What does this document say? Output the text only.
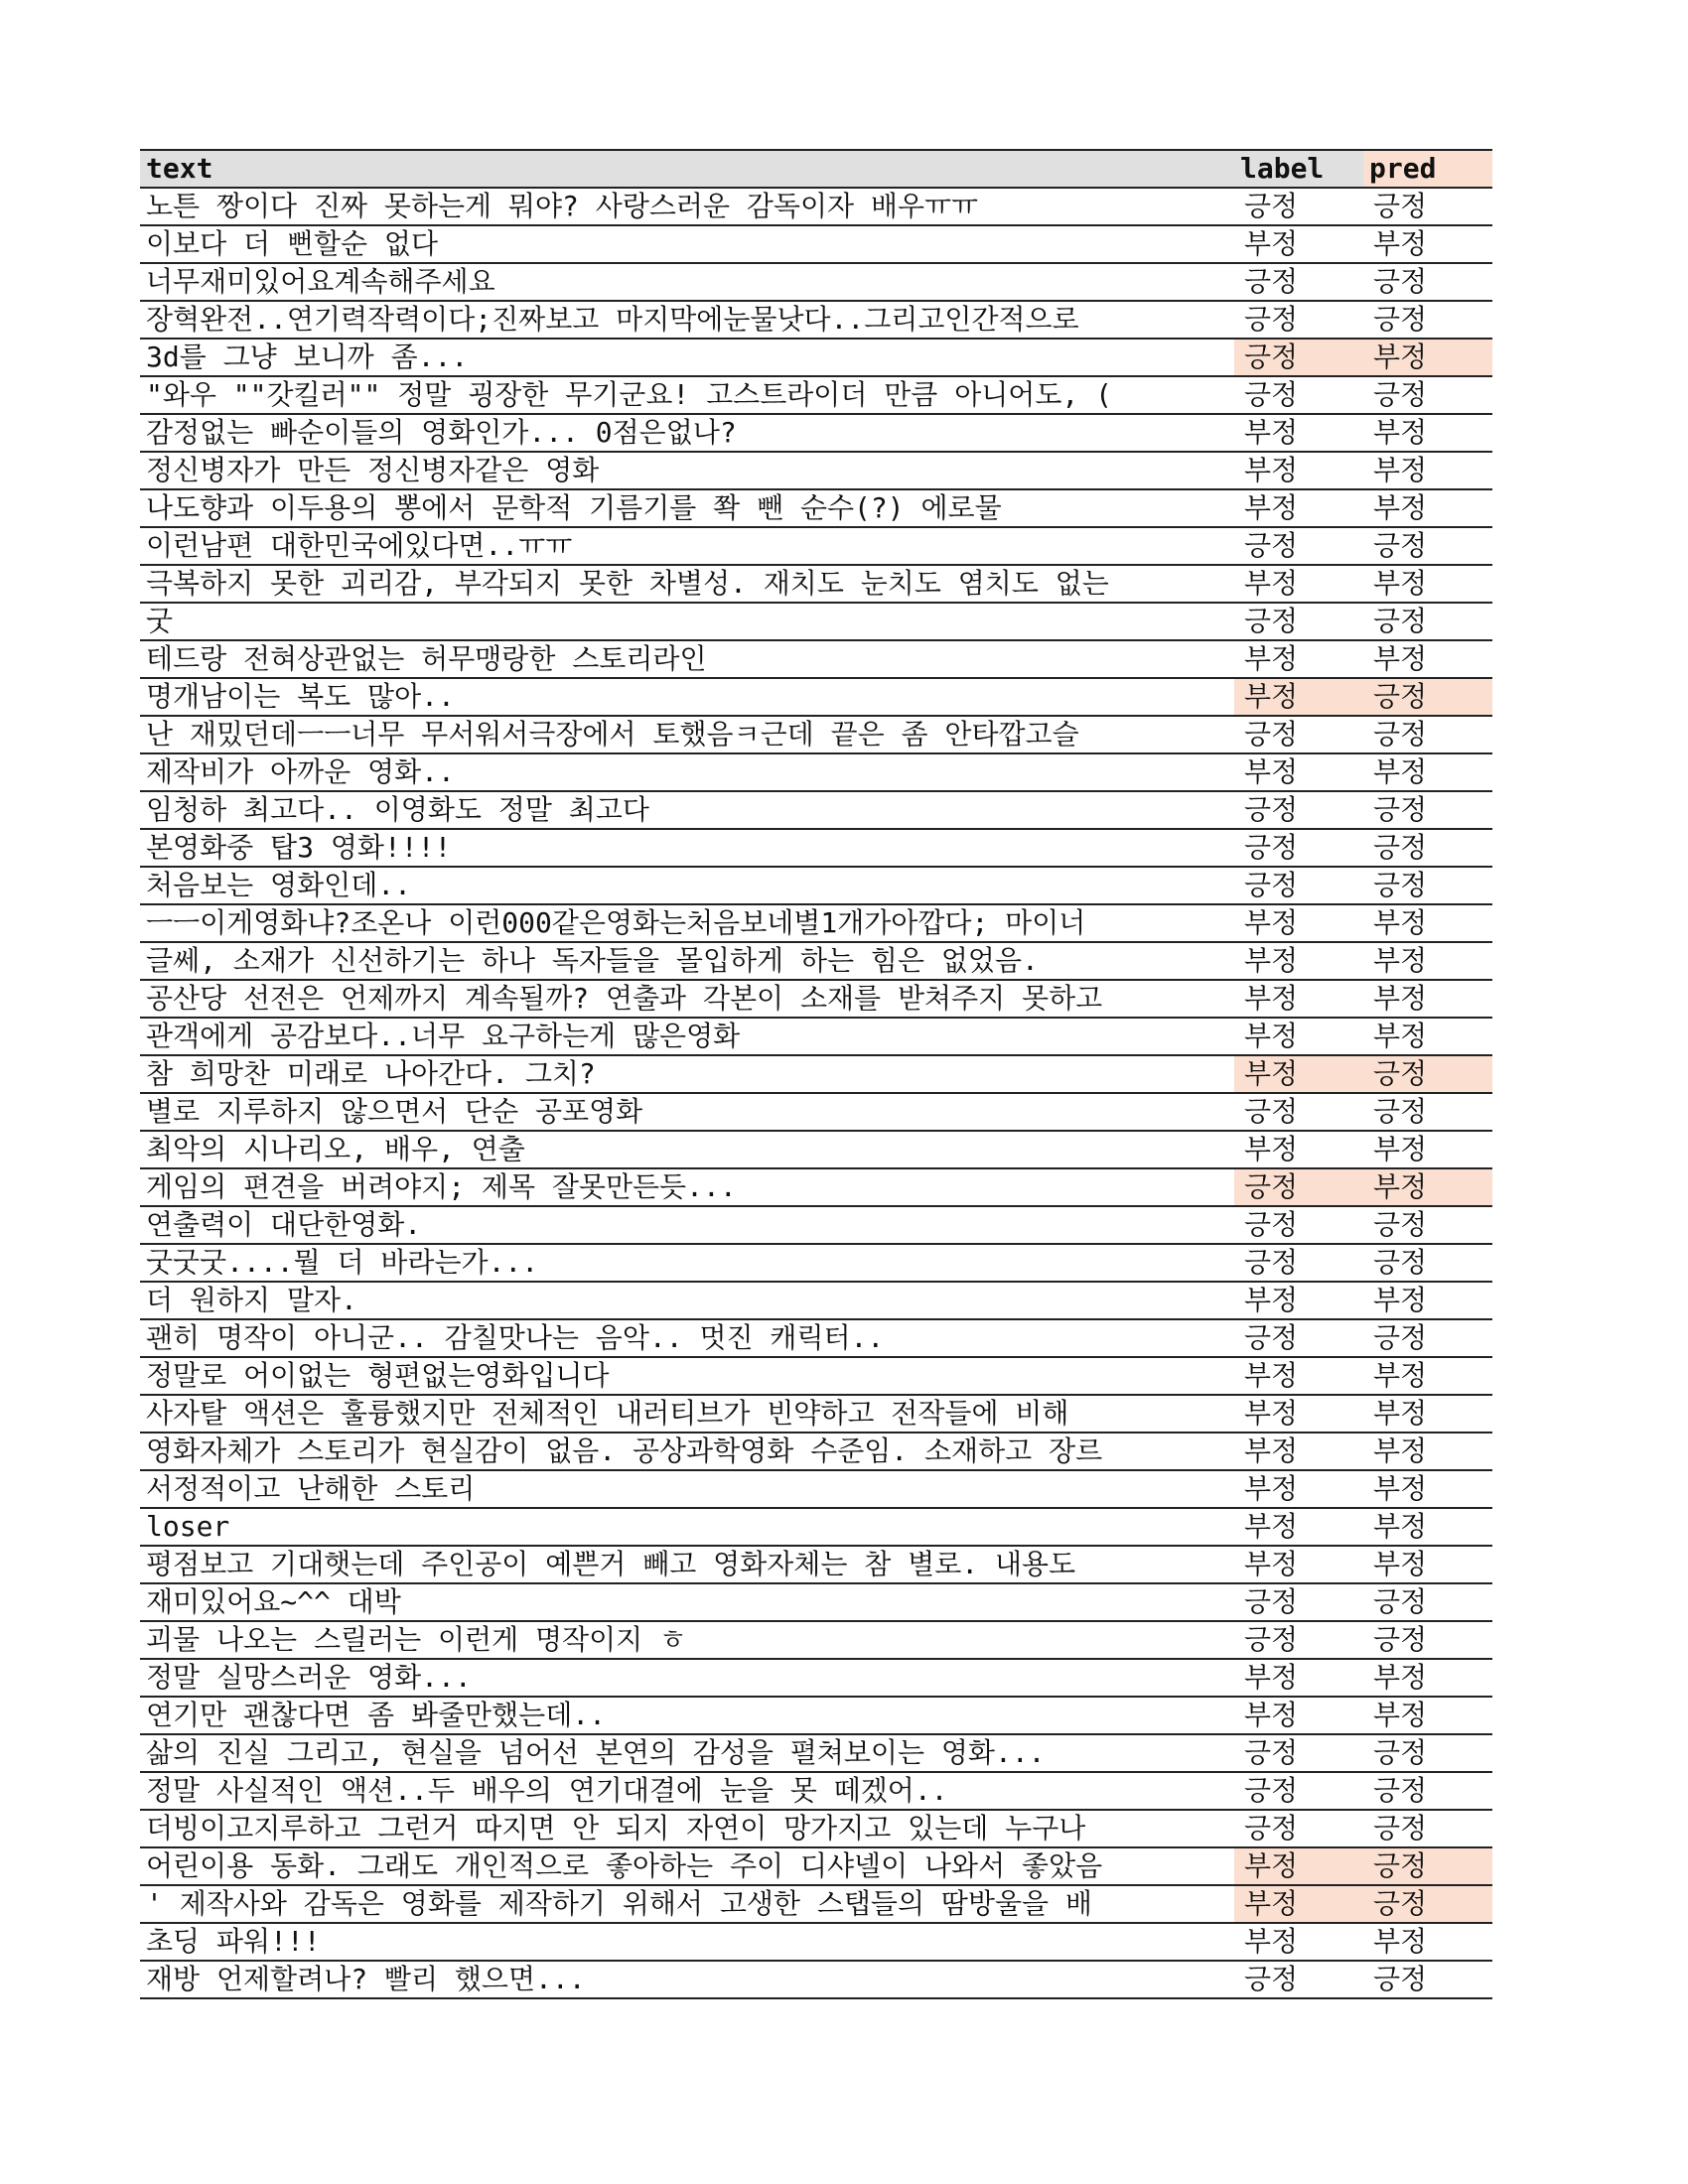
text	label	pred
노튼 짱이다 진짜 못하는게 뭐야? 사랑스러운 감독이자 배우ㅠㅠ	긍정	긍정
이보다 더 뻔할순 없다	부정	부정
너무재미있어요계속해주세요	긍정	긍정
장혁완전..연기력작력이다;진짜보고 마지막에눈물낫다..그리고인간적으로	긍정	긍정
3d를 그냥 보니까 좀...	긍정	부정
"와우 ""갓킬러"" 정말 굉장한 무기군요! 고스트라이더 만큼 아니어도, (	긍정	긍정
감정없는 빠순이들의 영화인가... 0점은없나?	부정	부정
정신병자가 만든 정신병자같은 영화	부정	부정
나도향과 이두용의 뽕에서 문학적 기름기를 쫙 뺀 순수(?) 에로물	부정	부정
이런남편 대한민국에있다면..ㅠㅠ	긍정	긍정
극복하지 못한 괴리감, 부각되지 못한 차별성. 재치도 눈치도 염치도 없는	부정	부정
굿	긍정	긍정
테드랑 전혀상관없는 허무맹랑한 스토리라인	부정	부정
명개남이는 복도 많아..	부정	긍정
난 재밌던데ㅡㅡ너무 무서워서극장에서 토했음ㅋ근데 끝은 좀 안타깝고슬	긍정	긍정
제작비가 아까운 영화..	부정	부정
임청하 최고다.. 이영화도 정말 최고다	긍정	긍정
본영화중 탑3 영화!!!!	긍정	긍정
처음보는 영화인데..	긍정	긍정
ㅡㅡ이게영화냐?조온나 이런000같은영화는처음보네별1개가아깝다; 마이너	부정	부정
글쎄, 소재가 신선하기는 하나 독자들을 몰입하게 하는 힘은 없었음.	부정	부정
공산당 선전은 언제까지 계속될까? 연출과 각본이 소재를 받쳐주지 못하고	부정	부정
관객에게 공감보다..너무 요구하는게 많은영화	부정	부정
참 희망찬 미래로 나아간다. 그치?	부정	긍정
별로 지루하지 않으면서 단순 공포영화	긍정	긍정
최악의 시나리오, 배우, 연출	부정	부정
게임의 편견을 버려야지; 제목 잘못만든듯...	긍정	부정
연출력이 대단한영화.	긍정	긍정
굿굿굿....뭘 더 바라는가...	긍정	긍정
더 원하지 말자.	부정	부정
괜히 명작이 아니군.. 감칠맛나는 음악.. 멋진 캐릭터..	긍정	긍정
정말로 어이없는 형편없는영화입니다	부정	부정
사자탈 액션은 훌륭했지만 전체적인 내러티브가 빈약하고 전작들에 비해	부정	부정
영화자체가 스토리가 현실감이 없음. 공상과학영화 수준임. 소재하고 장르	부정	부정
서정적이고 난해한 스토리	부정	부정
loser	부정	부정
평점보고 기대햇는데 주인공이 예쁜거 빼고 영화자체는 참 별로. 내용도	부정	부정
재미있어요~^^ 대박	긍정	긍정
괴물 나오는 스릴러는 이런게 명작이지 ㅎ	긍정	긍정
정말 실망스러운 영화...	부정	부정
연기만 괜찮다면 좀 봐줄만했는데..	부정	부정
삶의 진실 그리고, 현실을 넘어선 본연의 감성을 펼쳐보이는 영화...	긍정	긍정
정말 사실적인 액션..두 배우의 연기대결에 눈을 못 떼겠어..	긍정	긍정
더빙이고지루하고 그런거 따지면 안 되지 자연이 망가지고 있는데 누구나	긍정	긍정
어린이용 동화. 그래도 개인적으로 좋아하는 주이 디샤넬이 나와서 좋았음	부정	긍정
' 제작사와 감독은 영화를 제작하기 위해서 고생한 스탭들의 땀방울을 배	부정	긍정
초딩 파워!!!	부정	부정
재방 언제할려나? 빨리 했으면...	긍정	긍정
